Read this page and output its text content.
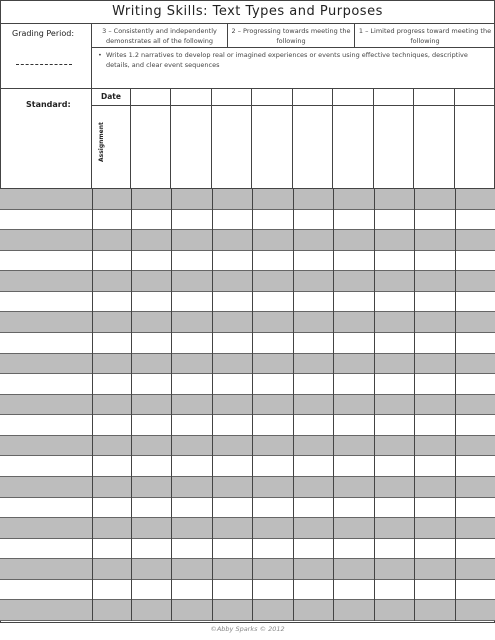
Writing Skills: Text Types and Purposes
Grading Period:	3 – Consistently and independently demonstrates all of the following
2 – Progressing towards meeting the following
1 – Limited progress toward meeting the following
• Writes 1.2 narratives to develop real or imagined experiences or events using effective techniques, descriptive details, and clear event sequences
Standard:
Date
Assignment
©Abby Sparks © 2012
